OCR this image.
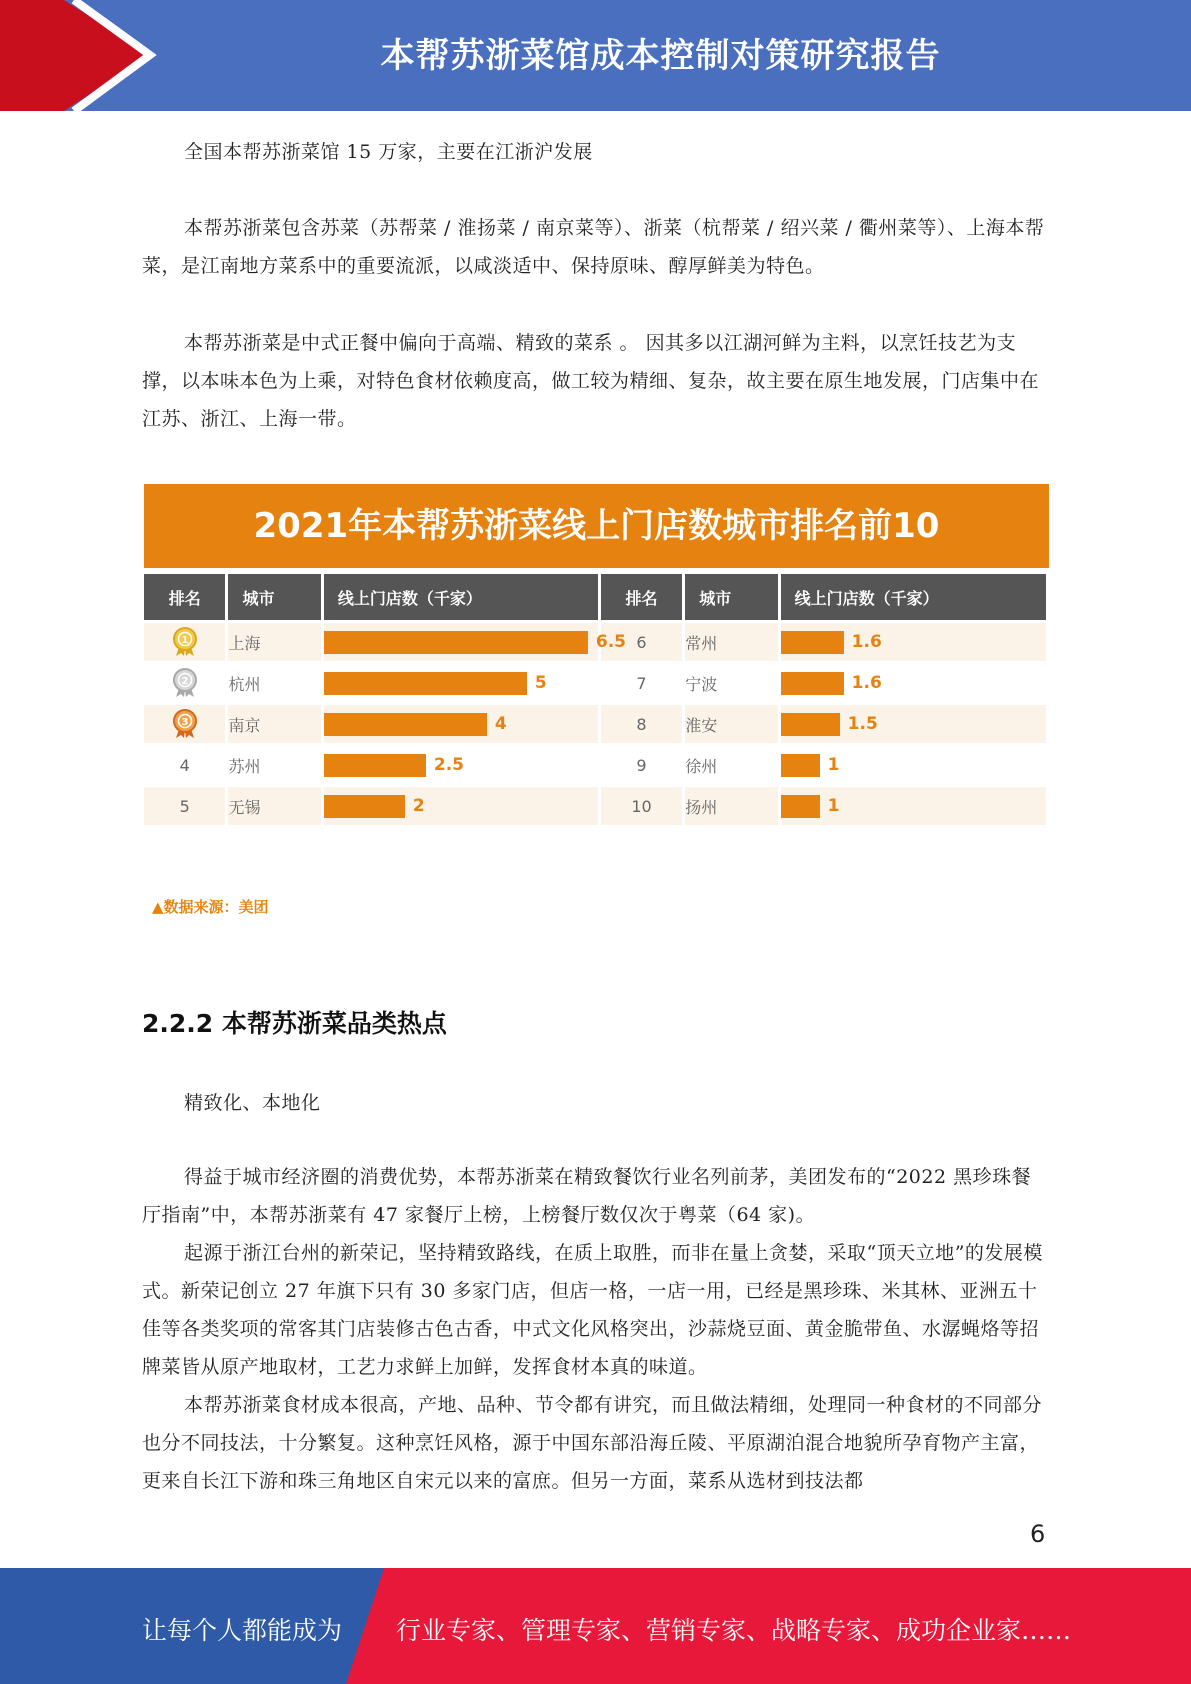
本帮苏浙菜馆成本控制对策研究报告

全国本帮苏浙菜馆 15 万家，主要在江浙沪发展

本帮苏浙菜包含苏菜（苏帮菜 / 淮扬菜 / 南京菜等）、浙菜（杭帮菜 / 绍兴菜 / 衢州菜等）、上海本帮菜，是江南地方菜系中的重要流派，以咸淡适中、保持原味、醇厚鲜美为特色。

本帮苏浙菜是中式正餐中偏向于高端、精致的菜系 。 因其多以江湖河鲜为主料，以烹饪技艺为支撑，以本味本色为上乘，对特色食材依赖度高，做工较为精细、复杂，故主要在原生地发展，门店集中在江苏、浙江、上海一带。

2021年本帮苏浙菜线上门店数城市排名前10
排名	城市	线上门店数（千家）	排名	城市	线上门店数（千家）

1	上海	6.5	6	常州	1.6

2	杭州	5	7	宁波	1.6

3	南京	4	8	淮安	1.5

4	苏州	2.5	9	徐州	1

5	无锡	2	10	扬州	1
▲数据来源：美团
2.2.2 本帮苏浙菜品类热点

精致化、本地化

得益于城市经济圈的消费优势，本帮苏浙菜在精致餐饮行业名列前茅，美团发布的“2022 黑珍珠餐厅指南”中，本帮苏浙菜有 47 家餐厅上榜，上榜餐厅数仅次于粤菜（64 家)。

起源于浙江台州的新荣记，坚持精致路线，在质上取胜，而非在量上贪婪，采取“顶天立地”的发展模式。新荣记创立 27 年旗下只有 30 多家门店，但店一格，一店一用，已经是黑珍珠、米其林、亚洲五十佳等各类奖项的常客其门店装修古色古香，中式文化风格突出，沙蒜烧豆面、黄金脆带鱼、水潺蝇烙等招牌菜皆从原产地取材，工艺力求鲜上加鲜，发挥食材本真的味道。

本帮苏浙菜食材成本很高，产地、品种、节令都有讲究，而且做法精细，处理同一种食材的不同部分也分不同技法，十分繁复。这种烹饪风格，源于中国东部沿海丘陵、平原湖泊混合地貌所孕育物产主富，更来自长江下游和珠三角地区自宋元以来的富庶。但另一方面，菜系从选材到技法都

6
让每个人都能成为 行业专家、管理专家、营销专家、战略专家、成功企业家……
